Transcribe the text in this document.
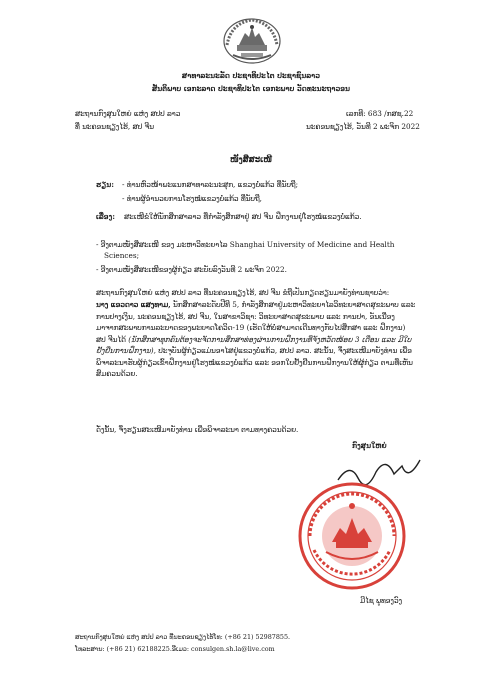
ສາທາລະນະລັດ ປະຊາທິປະໄຕ ປະຊາຊົນລາວ
ສັນຕິພາບ ເອກະລາດ ປະຊາທິປະໄຕ ເອກະພາບ ວັດທະນະຖາວອນ
ສະຖານກົງສຸນໃຫຍ່ ແຫ່ງ ສປປ ລາວ
ທີ່ ນະຄອນຊຽງໄຮ້, ສປ ຈີນ
ເລກທີ: 683 /ກສຊ.22
ນະຄອນຊຽງໄຮ້, ວັນທີ 2 ພະຈິກ 2022
ໜັງສືສະເໜີ
ຮຽນ: - ທ່ານຫົວໜ້າພະແນກສາທາລະນະສຸກ, ແຂວງບໍ່ແກ້ວ ທີ່ນັບຖື;
- ທ່ານຜູ້ອຳນວຍການໂຮງໝໍແຂວງບໍ່ແກ້ວ ທີ່ນັບຖື,
ເລື່ອງ: ສະເໜີຂໍໃຫ້ນັກສຶກສາລາວ ທີ່ກຳລັງສຶກສາຢູ່ ສປ ຈີນ ຝຶກງານຢູ່ໂຮງໝໍແຂວງບໍ່ແກ້ວ.
- ອີງຕາມໜັງສືສະເໜີ ຂອງ ມະຫາວິທະຍາໄລ Shanghai University of Medicine and Health
Sciences;
- ອີງຕາມໜັງສືສະເໜີຂອງຜູ້ກ່ຽວ ສະບັບລົງວັນທີ 2 ພະຈິກ 2022.
ສະຖານກົງສຸນໃຫຍ່ ແຫ່ງ ສປປ ລາວ ທີ່ນະຄອນຊຽງໄຮ້, ສປ ຈີນ ຂໍຖືເປັນກຽດຮຽນມາຍັງທ່ານຊາບວ່າ:
ນາງ ແອວດາວ ແສງທາມ, ນັກສຶກສາລະດັບປີທີ 5, ກຳລັງສຶກສາຢູ່ມະຫາວິທະຍາໄລວິທະຍາສາດສຸຂະພາບ ແລະ ການປາງເງິນ, ນະຄອນຊຽງໄຮ້, ສປ ຈີນ, ໃນສາຂາວິຊາ: ວິທະຍາສາດສຸຂະພາບ ແລະ ການປາ, ອັນເນື່ອງມາຈາກສະພາບການລະບາດຂອງພະຍາດໂຄວິດ-19 (ເຮັດໃຫ້ບໍ່ສາມາດເດີນທາງກັບໄປສຶກສາ ແລະ ຝຶກງານ) ສປ ຈີນໄດ້ (ນັກສຶກສາທຸກຄົນຕ້ອງຈະຈັດການສຶກສາທ່ອງຜ່ານການຝຶກງານທີ່ຈັງຫວັດໜ້ອຍ 3 ເດືອນ ແລະ ມີໃບຢັ້ງຢືນການຝຶກງານ), ປະຈຸບັນຜູ້ກ່ຽວແມ່ນອາໄສຢູ່ແຂວງບໍ່ແກ້ວ, ສປປ ລາວ. ສະນັ້ນ, ຈຶ່ງສະເໜີມາຍັງທ່ານ ເພື່ອພິຈາລະນາຮັບຜູ້ກ່ຽວເຂົ້າຝຶກງານຢູ່ໂຮງໝໍແຂວງບໍ່ແກ້ວ ແລະ ອອກໃບຢັ້ງຢືນການຝຶກງານໃຫ້ຜູ້ກ່ຽວ ຕາມທີ່ເຫັນສົມຄວນດ້ວຍ.
ດັ່ງນັ້ນ, ຈຶ່ງຮຽນສະເໜີມາຍັງທ່ານ ເພື່ອພິຈາລະນາ ຕາມທາງຄວນດ້ວຍ.
ກົງສຸນໃຫຍ່
ມີໄຊ ພູທອງວົງ
ສະຖານກົງສຸນໃຫຍ່ ແຫ່ງ ສປປ ລາວ ທີ່ນະຄອນຊຽງໄຮ້ໂທ: (+86 21) 52987855.
ໂທລະສານ: (+86 21) 62188225.ອີເມວ: consulgen.sh.la@live.com
